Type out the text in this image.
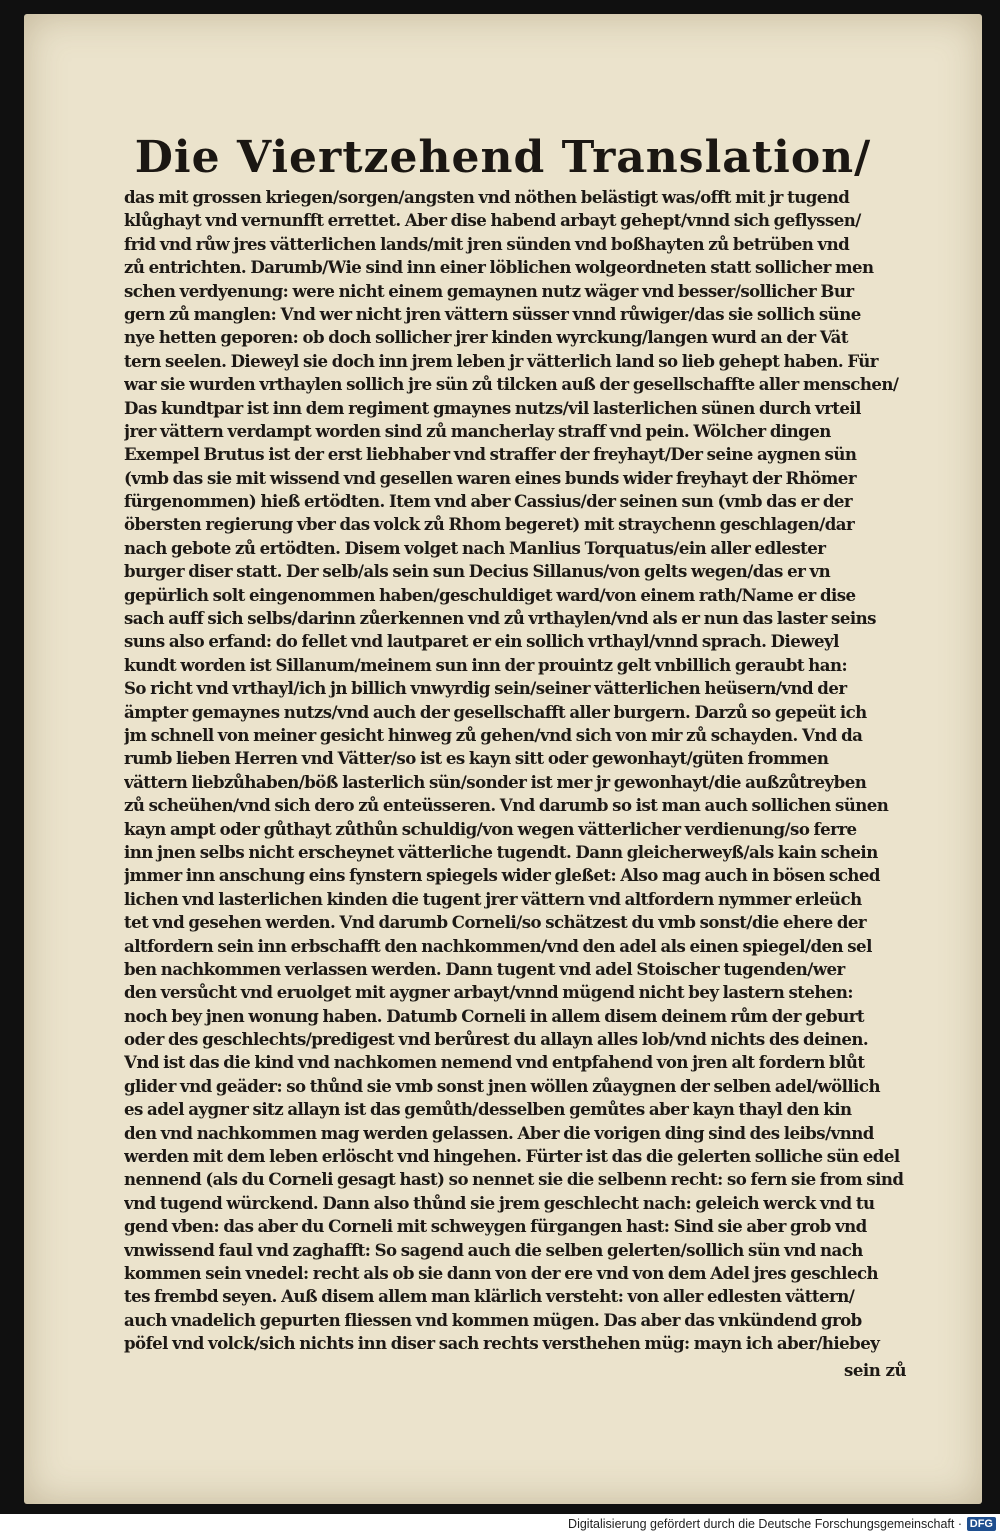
Die Viertzehend Translation/
das mit grossen kriegen/sorgen/angsten vnd nöthen belästigt was/offt mit jr tugend
klůghayt vnd vernunfft errettet. Aber dise habend arbayt gehept/vnnd sich geflyssen/
frid vnd růw jres vätterlichen lands/mit jren sünden vnd boßhayten zů betrüben vnd
zů entrichten. Darumb/Wie sind inn einer löblichen wolgeordneten statt sollicher men
schen verdyenung: were nicht einem gemaynen nutz wäger vnd besser/sollicher Bur
gern zů manglen: Vnd wer nicht jren vättern süsser vnnd růwiger/das sie sollich süne
nye hetten geporen: ob doch sollicher jrer kinden wyrckung/langen wurd an der Vät
tern seelen. Dieweyl sie doch inn jrem leben jr vätterlich land so lieb gehept haben. Für
war sie wurden vrthaylen sollich jre sün zů tilcken auß der gesellschaffte aller menschen/
Das kundtpar ist inn dem regiment gmaynes nutzs/vil lasterlichen sünen durch vrteil
jrer vättern verdampt worden sind zů mancherlay straff vnd pein. Wölcher dingen
Exempel Brutus ist der erst liebhaber vnd straffer der freyhayt/Der seine aygnen sün
(vmb das sie mit wissend vnd gesellen waren eines bunds wider freyhayt der Rhömer
fürgenommen) hieß ertödten. Item vnd aber Cassius/der seinen sun (vmb das er der
öbersten regierung vber das volck zů Rhom begeret) mit straychenn geschlagen/dar
nach gebote zů ertödten. Disem volget nach Manlius Torquatus/ein aller edlester
burger diser statt. Der selb/als sein sun Decius Sillanus/von gelts wegen/das er vn
gepürlich solt eingenommen haben/geschuldiget ward/von einem rath/Name er dise
sach auff sich selbs/darinn zůerkennen vnd zů vrthaylen/vnd als er nun das laster seins
suns also erfand: do fellet vnd lautparet er ein sollich vrthayl/vnnd sprach. Dieweyl
kundt worden ist Sillanum/meinem sun inn der prouintz gelt vnbillich geraubt han:
So richt vnd vrthayl/ich jn billich vnwyrdig sein/seiner vätterlichen heüsern/vnd der
ämpter gemaynes nutzs/vnd auch der gesellschafft aller burgern. Darzů so gepeüt ich
jm schnell von meiner gesicht hinweg zů gehen/vnd sich von mir zů schayden. Vnd da
rumb lieben Herren vnd Vätter/so ist es kayn sitt oder gewonhayt/güten frommen
vättern liebzůhaben/böß lasterlich sün/sonder ist mer jr gewonhayt/die außzůtreyben
zů scheühen/vnd sich dero zů enteüsseren. Vnd darumb so ist man auch sollichen sünen
kayn ampt oder gůthayt zůthůn schuldig/von wegen vätterlicher verdienung/so ferre
inn jnen selbs nicht erscheynet vätterliche tugendt. Dann gleicherweyß/als kain schein
jmmer inn anschung eins fynstern spiegels wider gleßet: Also mag auch in bösen sched
lichen vnd lasterlichen kinden die tugent jrer vättern vnd altfordern nymmer erleüch
tet vnd gesehen werden. Vnd darumb Corneli/so schätzest du vmb sonst/die ehere der
altfordern sein inn erbschafft den nachkommen/vnd den adel als einen spiegel/den sel
ben nachkommen verlassen werden. Dann tugent vnd adel Stoischer tugenden/wer
den versůcht vnd eruolget mit aygner arbayt/vnnd mügend nicht bey lastern stehen:
noch bey jnen wonung haben. Datumb Corneli in allem disem deinem rům der geburt
oder des geschlechts/predigest vnd berůrest du allayn alles lob/vnd nichts des deinen.
Vnd ist das die kind vnd nachkomen nemend vnd entpfahend von jren alt fordern blůt
glider vnd geäder: so thůnd sie vmb sonst jnen wöllen zůaygnen der selben adel/wöllich
es adel aygner sitz allayn ist das gemůth/desselben gemůtes aber kayn thayl den kin
den vnd nachkommen mag werden gelassen. Aber die vorigen ding sind des leibs/vnnd
werden mit dem leben erlöscht vnd hingehen. Fürter ist das die gelerten solliche sün edel
nennend (als du Corneli gesagt hast) so nennet sie die selbenn recht: so fern sie from sind
vnd tugend würckend. Dann also thůnd sie jrem geschlecht nach: geleich werck vnd tu
gend vben: das aber du Corneli mit schweygen fürgangen hast: Sind sie aber grob vnd
vnwissend faul vnd zaghafft: So sagend auch die selben gelerten/sollich sün vnd nach
kommen sein vnedel: recht als ob sie dann von der ere vnd von dem Adel jres geschlech
tes frembd seyen. Auß disem allem man klärlich versteht: von aller edlesten vättern/
auch vnadelich gepurten fliessen vnd kommen mügen. Das aber das vnkündend grob
pöfel vnd volck/sich nichts inn diser sach rechts versthehen müg: mayn ich aber/hiebey
sein zů
Digitalisierung gefördert durch die Deutsche Forschungsgemeinschaft · DFG
